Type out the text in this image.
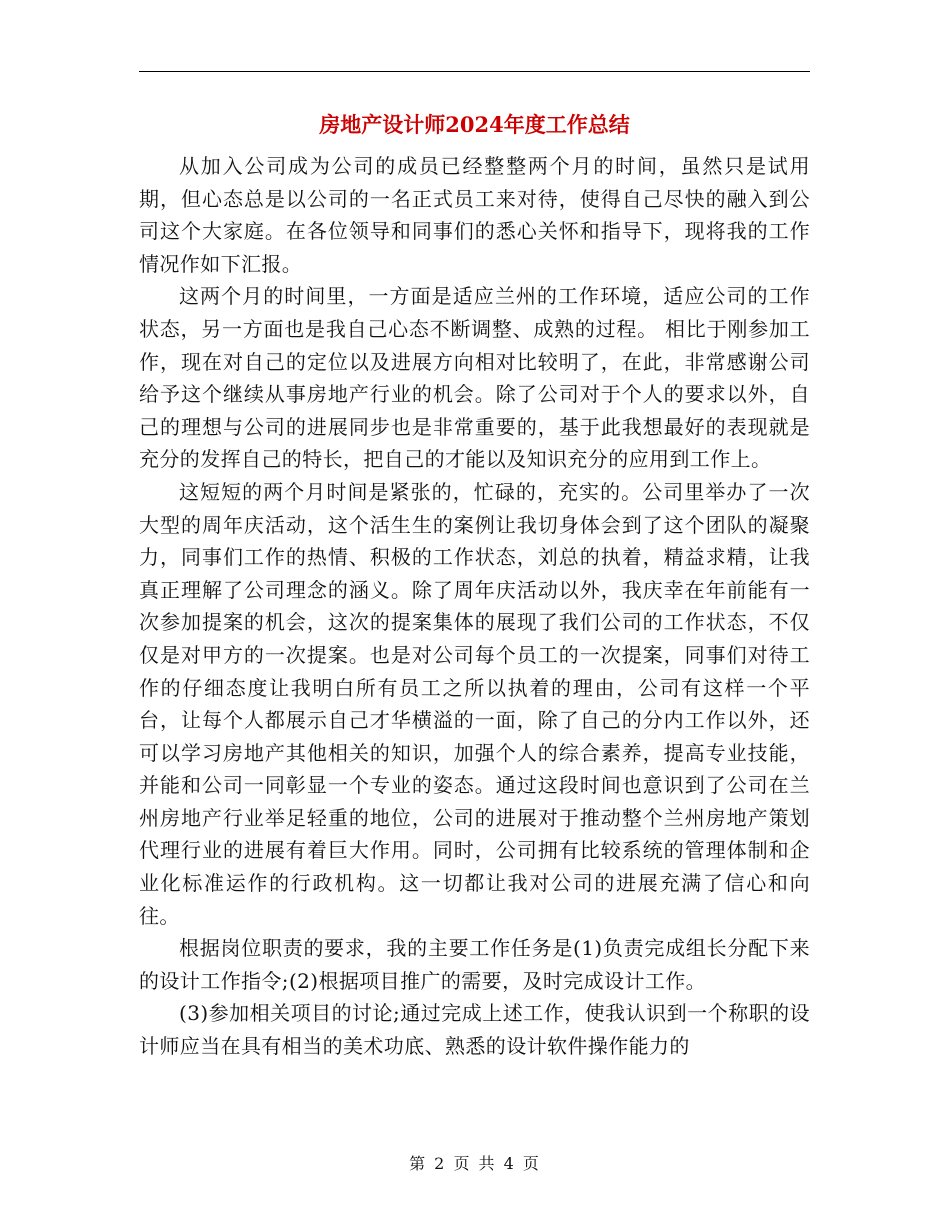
房地产设计师2024年度工作总结

从加入公司成为公司的成员已经整整两个月的时间，虽然只是试用期，但心态总是以公司的一名正式员工来对待，使得自己尽快的融入到公司这个大家庭。在各位领导和同事们的悉心关怀和指导下，现将我的工作情况作如下汇报。

这两个月的时间里，一方面是适应兰州的工作环境，适应公司的工作状态，另一方面也是我自己心态不断调整、成熟的过程。 相比于刚参加工作，现在对自己的定位以及进展方向相对比较明了，在此，非常感谢公司给予这个继续从事房地产行业的机会。除了公司对于个人的要求以外，自己的理想与公司的进展同步也是非常重要的，基于此我想最好的表现就是充分的发挥自己的特长，把自己的才能以及知识充分的应用到工作上。

这短短的两个月时间是紧张的，忙碌的，充实的。公司里举办了一次大型的周年庆活动，这个活生生的案例让我切身体会到了这个团队的凝聚力，同事们工作的热情、积极的工作状态，刘总的执着，精益求精，让我真正理解了公司理念的涵义。除了周年庆活动以外，我庆幸在年前能有一次参加提案的机会，这次的提案集体的展现了我们公司的工作状态，不仅仅是对甲方的一次提案。也是对公司每个员工的一次提案，同事们对待工作的仔细态度让我明白所有员工之所以执着的理由，公司有这样一个平台，让每个人都展示自己才华横溢的一面，除了自己的分内工作以外，还可以学习房地产其他相关的知识，加强个人的综合素养，提高专业技能，并能和公司一同彰显一个专业的姿态。通过这段时间也意识到了公司在兰州房地产行业举足轻重的地位，公司的进展对于推动整个兰州房地产策划代理行业的进展有着巨大作用。同时，公司拥有比较系统的管理体制和企业化标准运作的行政机构。这一切都让我对公司的进展充满了信心和向往。

根据岗位职责的要求，我的主要工作任务是(1)负责完成组长分配下来的设计工作指令;(2)根据项目推广的需要，及时完成设计工作。

(3)参加相关项目的讨论;通过完成上述工作，使我认识到一个称职的设计师应当在具有相当的美术功底、熟悉的设计软件操作能力的

第 2 页 共 4 页
